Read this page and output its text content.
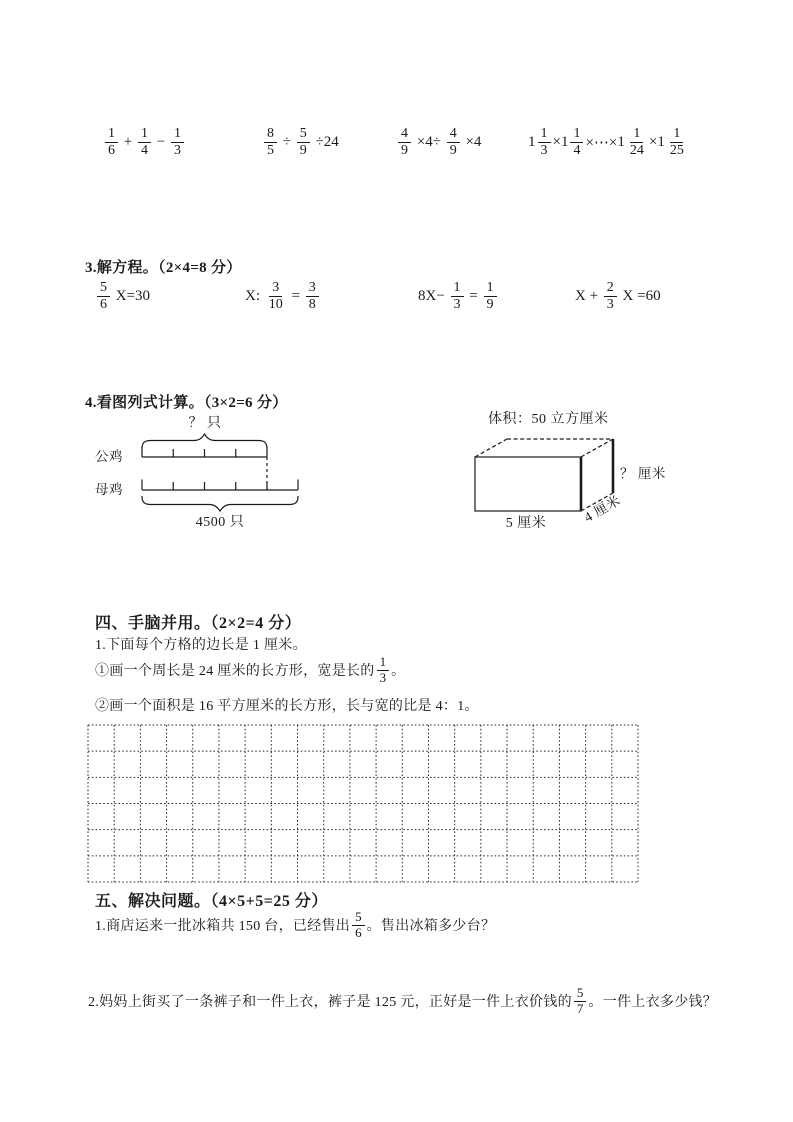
$\frac{1}{6} + \frac{1}{4} - \frac{1}{3}$	$\frac{8}{5} \div \frac{5}{9} \div 24$	$\frac{4}{9} \times 4\div \frac{4}{9} \times 4$	$1 \frac{1}{3} \times 1 \frac{1}{4}$ ×⋯× $1 \frac{1}{24} \times 1 \frac{1}{25}$
3.解方程。（2×4=8 分）
$\frac{5}{6} X=30$	X: $\frac{3}{10} = \frac{3}{8}$	$8X- \frac{1}{3} = \frac{1}{9}$	$X + \frac{2}{3}$ X =60
4.看图列式计算。（3×2=6 分）
？ 只
公鸡
母鸡
4500 只
体积：50 立方厘米
？ 厘米
5 厘米	4 厘米
四、手脑并用。（2×2=4 分）
1.下面每个方格的边长是 1 厘米。
①画一个周长是 24 厘米的长方形，宽是长的 $\frac{1}{3}$ 。
②画一个面积是 16 平方厘米的长方形，长与宽的比是 4：1。
五、解决问题。（4×5+5=25 分）
1.商店运来一批冰箱共 150 台，已经售出 $\frac{5}{6}$ 。售出冰箱多少台？
2.妈妈上街买了一条裤子和一件上衣，裤子是 125 元，正好是一件上衣价钱的 $\frac{5}{7}$ 。一件上衣多少钱？
